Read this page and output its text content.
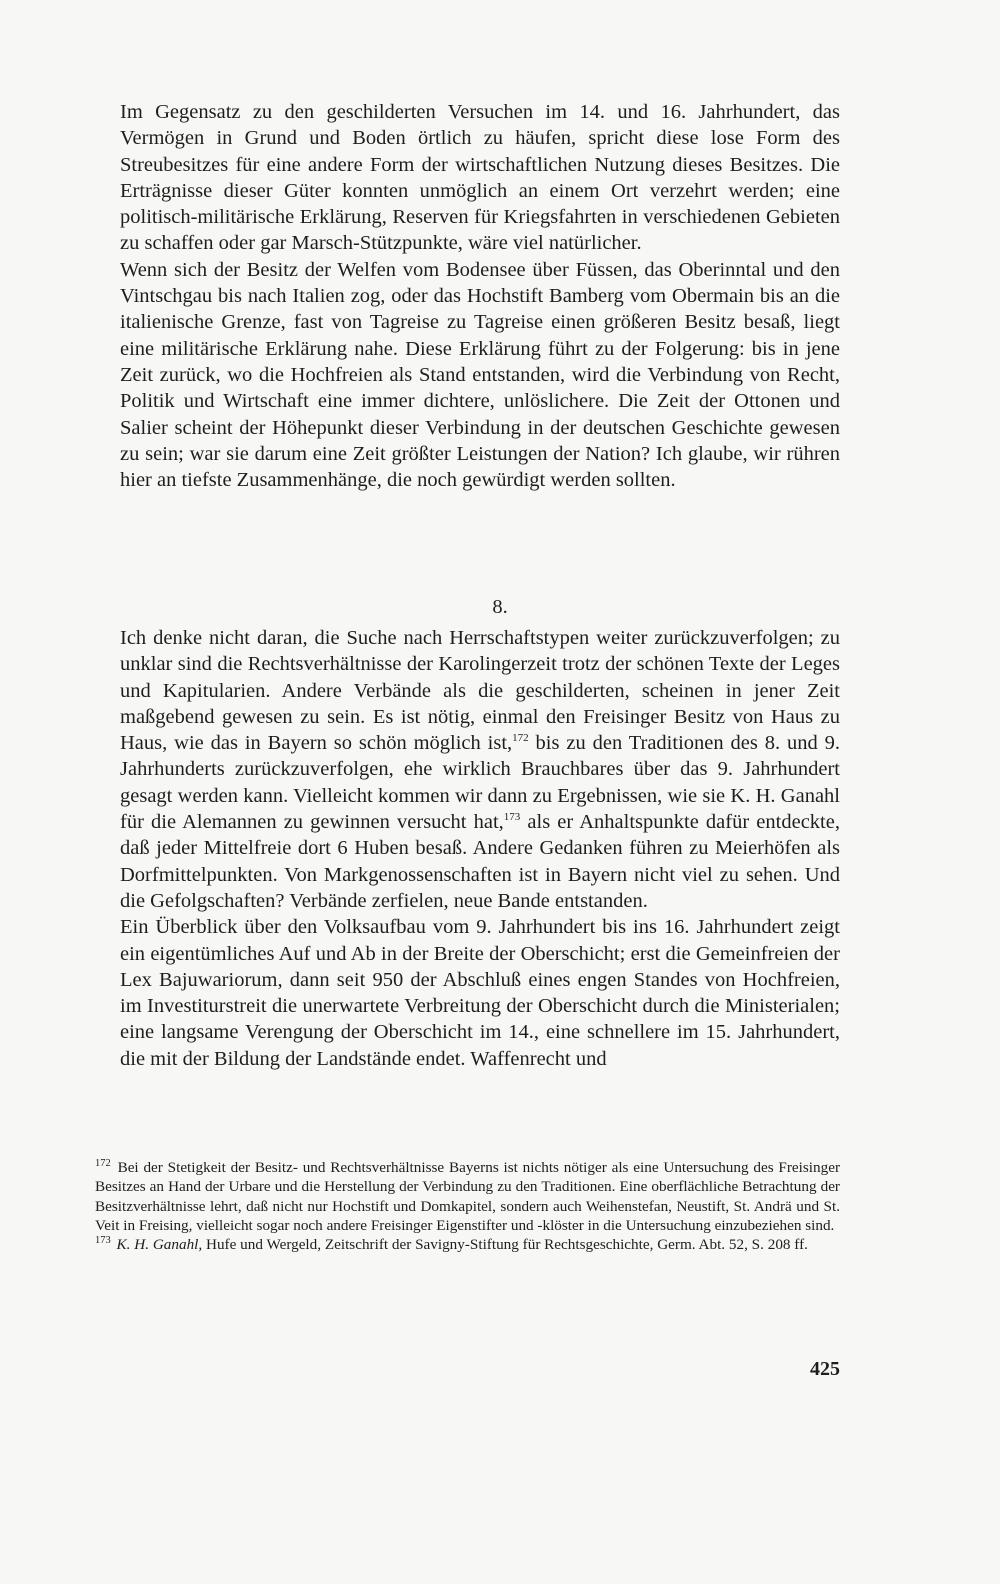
Im Gegensatz zu den geschilderten Versuchen im 14. und 16. Jahrhundert, das Vermögen in Grund und Boden örtlich zu häufen, spricht diese lose Form des Streubesitzes für eine andere Form der wirtschaftlichen Nutzung dieses Besitzes. Die Erträgnisse dieser Güter konnten unmöglich an einem Ort verzehrt werden; eine politisch-militärische Erklärung, Reserven für Kriegsfahrten in verschiedenen Gebieten zu schaffen oder gar Marsch-Stützpunkte, wäre viel natürlicher.

Wenn sich der Besitz der Welfen vom Bodensee über Füssen, das Oberinntal und den Vintschgau bis nach Italien zog, oder das Hochstift Bamberg vom Obermain bis an die italienische Grenze, fast von Tagreise zu Tagreise einen größeren Besitz besaß, liegt eine militärische Erklärung nahe. Diese Erklärung führt zu der Folgerung: bis in jene Zeit zurück, wo die Hochfreien als Stand entstanden, wird die Verbindung von Recht, Politik und Wirtschaft eine immer dichtere, unlöslichere. Die Zeit der Ottonen und Salier scheint der Höhepunkt dieser Verbindung in der deutschen Geschichte gewesen zu sein; war sie darum eine Zeit größter Leistungen der Nation? Ich glaube, wir rühren hier an tiefste Zusammenhänge, die noch gewürdigt werden sollten.

8.

Ich denke nicht daran, die Suche nach Herrschaftstypen weiter zurückzuverfolgen; zu unklar sind die Rechtsverhältnisse der Karolingerzeit trotz der schönen Texte der Leges und Kapitularien. Andere Verbände als die geschilderten, scheinen in jener Zeit maßgebend gewesen zu sein. Es ist nötig, einmal den Freisinger Besitz von Haus zu Haus, wie das in Bayern so schön möglich ist,$^{172}$ bis zu den Traditionen des 8. und 9. Jahrhunderts zurückzuverfolgen, ehe wirklich Brauchbares über das 9. Jahrhundert gesagt werden kann. Vielleicht kommen wir dann zu Ergebnissen, wie sie K. H. Ganahl für die Alemannen zu gewinnen versucht hat,$^{173}$ als er Anhaltspunkte dafür entdeckte, daß jeder Mittelfreie dort 6 Huben besaß. Andere Gedanken führen zu Meierhöfen als Dorfmittelpunkten. Von Markgenossenschaften ist in Bayern nicht viel zu sehen. Und die Gefolgschaften? Verbände zerfielen, neue Bande entstanden.

Ein Überblick über den Volksaufbau vom 9. Jahrhundert bis ins 16. Jahrhundert zeigt ein eigentümliches Auf und Ab in der Breite der Oberschicht; erst die Gemeinfreien der Lex Bajuwariorum, dann seit 950 der Abschluß eines engen Standes von Hochfreien, im Investiturstreit die unerwartete Verbreitung der Oberschicht durch die Ministerialen; eine langsame Verengung der Oberschicht im 14., eine schnellere im 15. Jahrhundert, die mit der Bildung der Landstände endet. Waffenrecht und

$^{172}$ Bei der Stetigkeit der Besitz- und Rechtsverhältnisse Bayerns ist nichts nötiger als eine Untersuchung des Freisinger Besitzes an Hand der Urbare und die Herstellung der Verbindung zu den Traditionen. Eine oberflächliche Betrachtung der Besitzverhältnisse lehrt, daß nicht nur Hochstift und Domkapitel, sondern auch Weihenstefan, Neustift, St. Andrä und St. Veit in Freising, vielleicht sogar noch andere Freisinger Eigenstifter und -klöster in die Untersuchung einzubeziehen sind.

$^{173}$ K. H. Ganahl, Hufe und Wergeld, Zeitschrift der Savigny-Stiftung für Rechtsgeschichte, Germ. Abt. 52, S. 208 ff.

425
